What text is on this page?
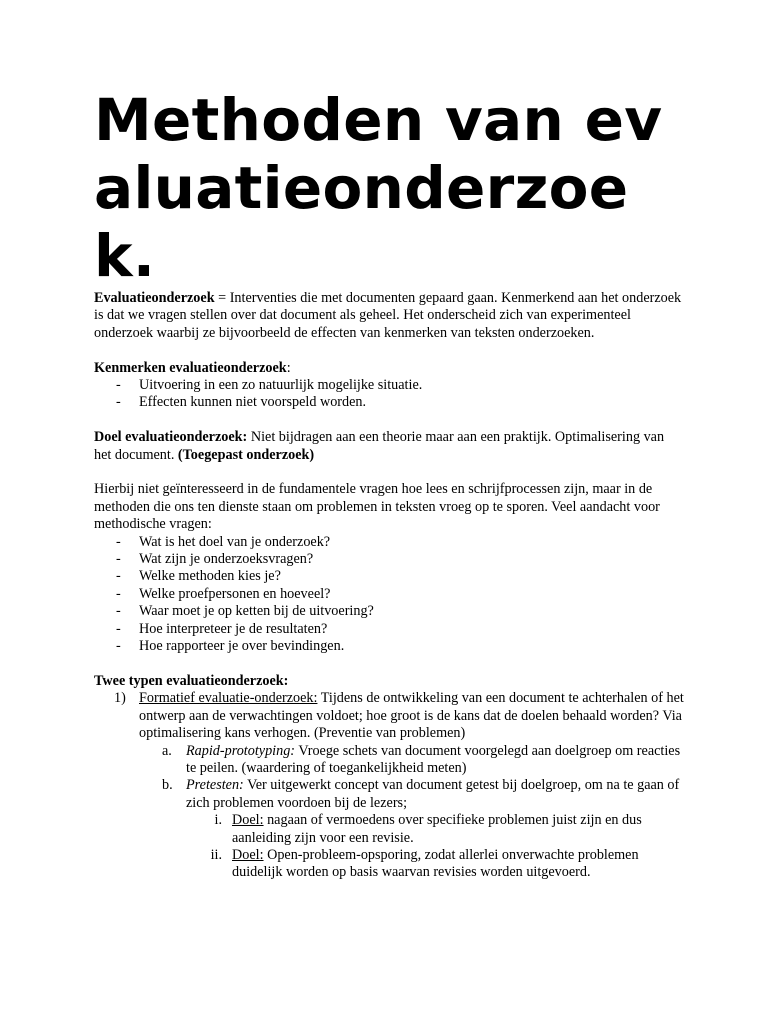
Methoden van evaluatieonderzoek.

Evaluatieonderzoek = Interventies die met documenten gepaard gaan. Kenmerkend aan het onderzoek is dat we vragen stellen over dat document als geheel. Het onderscheid zich van experimenteel onderzoek waarbij ze bijvoorbeeld de effecten van kenmerken van teksten onderzoeken.

Kenmerken evaluatieonderzoek:

- Uitvoering in een zo natuurlijk mogelijke situatie.
- Effecten kunnen niet voorspeld worden.

Doel evaluatieonderzoek: Niet bijdragen aan een theorie maar aan een praktijk. Optimalisering van het document. (Toegepast onderzoek)

Hierbij niet geïnteresseerd in de fundamentele vragen hoe lees en schrijfprocessen zijn, maar in de methoden die ons ten dienste staan om problemen in teksten vroeg op te sporen. Veel aandacht voor methodische vragen:

- Wat is het doel van je onderzoek?
- Wat zijn je onderzoeksvragen?
- Welke methoden kies je?
- Welke proefpersonen en hoeveel?
- Waar moet je op ketten bij de uitvoering?
- Hoe interpreteer je de resultaten?
- Hoe rapporteer je over bevindingen.

Twee typen evaluatieonderzoek:

1) Formatief evaluatie-onderzoek: Tijdens de ontwikkeling van een document te achterhalen of het ontwerp aan de verwachtingen voldoet; hoe groot is de kans dat de doelen behaald worden? Via optimalisering kans verhogen. (Preventie van problemen)
a. Rapid-prototyping: Vroege schets van document voorgelegd aan doelgroep om reacties te peilen. (waardering of toegankelijkheid meten)
b. Pretesten: Ver uitgewerkt concept van document getest bij doelgroep, om na te gaan of zich problemen voordoen bij de lezers;
i. Doel: nagaan of vermoedens over specifieke problemen juist zijn en dus aanleiding zijn voor een revisie.
ii. Doel: Open-probleem-opsporing, zodat allerlei onverwachte problemen duidelijk worden op basis waarvan revisies worden uitgevoerd.
